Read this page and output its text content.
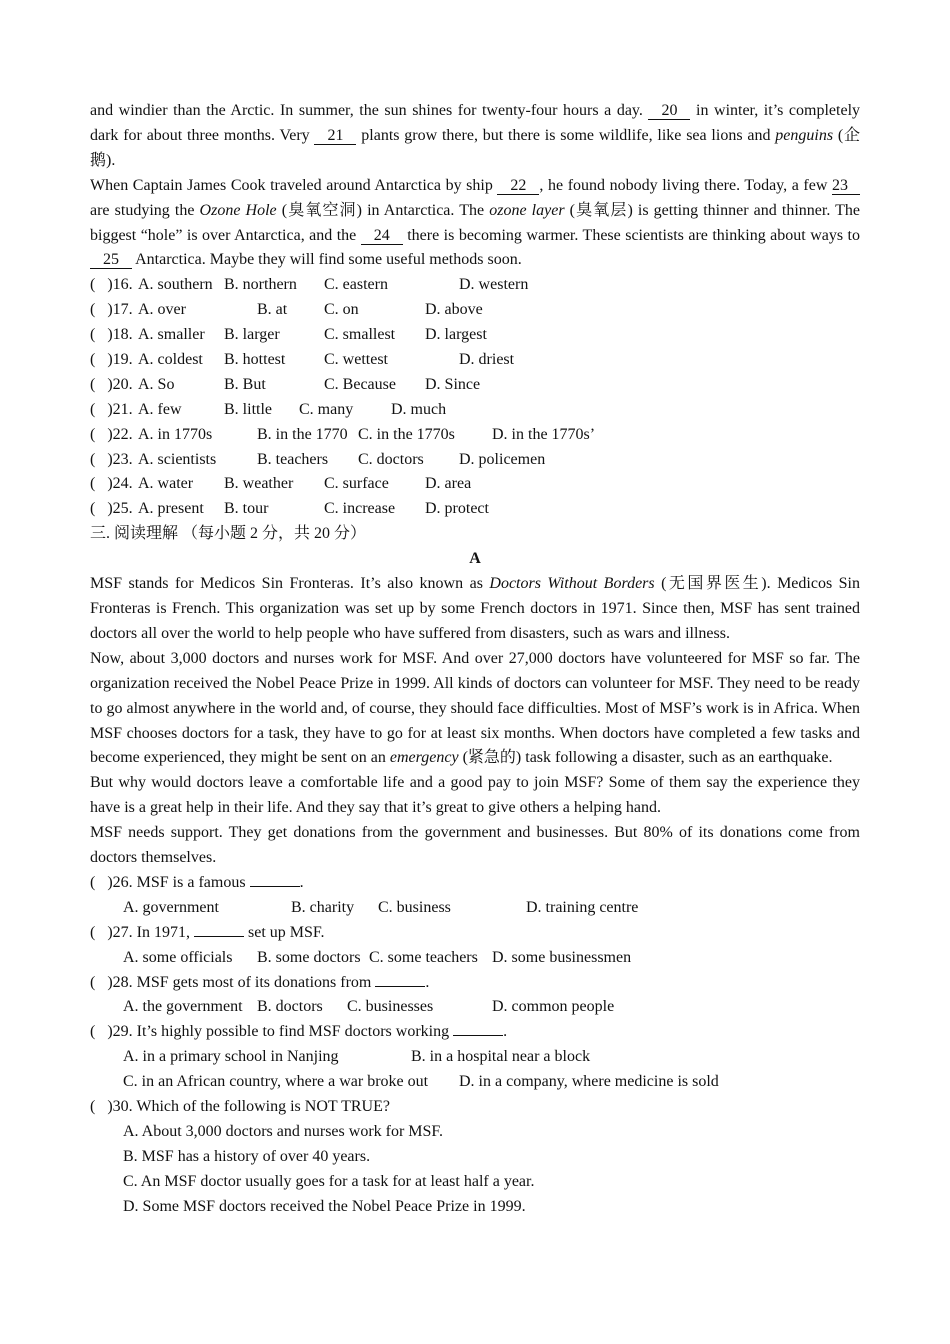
and windier than the Arctic. In summer, the sun shines for twenty-four hours a day. 20 in winter, it’s completely dark for about three months. Very 21 plants grow there, but there is some wildlife, like sea lions and penguins (企鹅).

When Captain James Cook traveled around Antarctica by ship 22 , he found nobody living there. Today, a few 23 are studying the Ozone Hole (臭氧空洞) in Antarctica. The ozone layer (臭氧层) is getting thinner and thinner. The biggest “hole” is over Antarctica, and the 24 there is becoming warmer. These scientists are thinking about ways to 25 Antarctica. Maybe they will find some useful methods soon.

(   )16. A. southern B. northern C. eastern	D. western
(   )17. A. over	B. at C. on	D. above
(   )18. A. smaller B. larger	C. smallest D. largest
(   )19. A. coldest B. hottest C. wettest	D. driest
(   )20. A. So	B. But	C. Because D. Since
(   )21. A. few	B. little C. many D. much
(   )22. A. in 1770s	B. in the 1770 C. in the 1770s D. in the 1770s’
(   )23. A. scientists	B. teachers C. doctors D. policemen
(   )24. A. water B. weather C. surface D. area
(   )25. A. present B. tour	C. increase D. protect
三. 阅读理解 （每小题 2 分，共 20 分）
A

MSF stands for Medicos Sin Fronteras. It’s also known as Doctors Without Borders (无国界医生). Medicos Sin Fronteras is French. This organization was set up by some French doctors in 1971. Since then, MSF has sent trained doctors all over the world to help people who have suffered from disasters, such as wars and illness.

Now, about 3,000 doctors and nurses work for MSF. And over 27,000 doctors have volunteered for MSF so far. The organization received the Nobel Peace Prize in 1999. All kinds of doctors can volunteer for MSF. They need to be ready to go almost anywhere in the world and, of course, they should face difficulties. Most of MSF’s work is in Africa. When MSF chooses doctors for a task, they have to go for at least six months. When doctors have completed a few tasks and become experienced, they might be sent on an emergency (紧急的) task following a disaster, such as an earthquake.

But why would doctors leave a comfortable life and a good pay to join MSF? Some of them say the experience they have is a great help in their life. And they say that it’s great to give others a helping hand.

MSF needs support. They get donations from the government and businesses. But 80% of its donations come from doctors themselves.

(   )26. MSF is a famous	.
A. government	B. charity C. business	D. training centre
(   )27. In 1971,	set up MSF.
A. some officials B. some doctors C. some teachers D. some businessmen
(   )28. MSF gets most of its donations from	.
A. the government B. doctors C. businesses	D. common people
(   )29. It’s highly possible to find MSF doctors working	.
A. in a primary school in Nanjing	B. in a hospital near a block
C. in an African country, where a war broke out D. in a company, where medicine is sold
(   )30. Which of the following is NOT TRUE?
A. About 3,000 doctors and nurses work for MSF.
B. MSF has a history of over 40 years.
C. An MSF doctor usually goes for a task for at least half a year.
D. Some MSF doctors received the Nobel Peace Prize in 1999.
